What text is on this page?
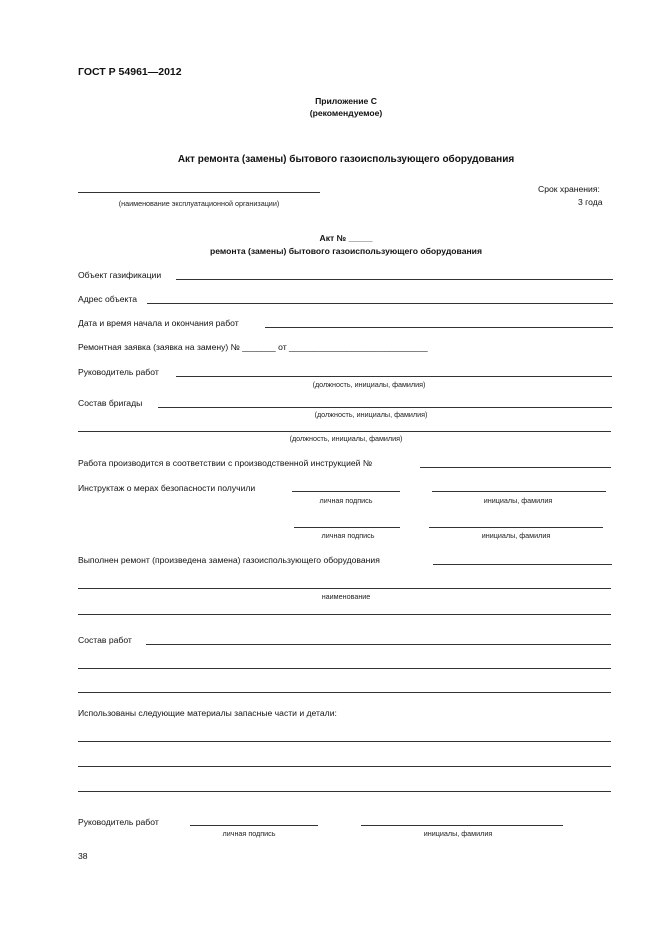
ГОСТ Р 54961—2012
Приложение С
(рекомендуемое)
Акт ремонта (замены) бытового газоиспользующего оборудования
(наименование эксплуатационной организации)
Срок хранения:
3 года
Акт № _____
ремонта (замены) бытового газоиспользующего оборудования
Объект газификации
Адрес объекта
Дата и время начала и окончания работ
Ремонтная заявка (заявка на замену) № _______ от _____________________________
Руководитель работ
(должность, инициалы, фамилия)
Состав бригады
(должность, инициалы, фамилия)
(должность, инициалы, фамилия)
Работа производится в соответствии с производственной инструкцией №
Инструктаж о мерах безопасности получили
личная подпись	инициалы, фамилия
личная подпись	инициалы, фамилия
Выполнен ремонт (произведена замена) газоиспользующего оборудования
наименование
Состав работ
Использованы следующие материалы запасные части и детали:
Руководитель работ
личная подпись	инициалы, фамилия
38
